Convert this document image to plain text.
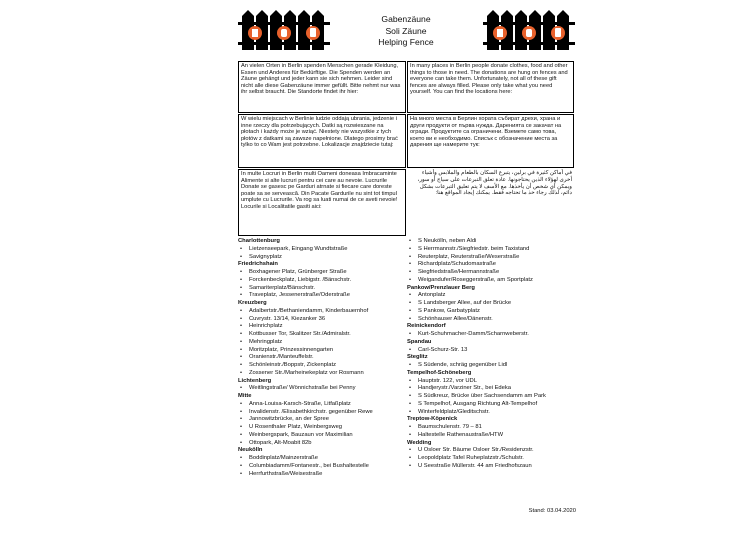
Gabenzäune
Soli Zäune
Helping Fence
An vielen Orten in Berlin spenden Menschen gerade Kleidung, Essen und Anderes für Bedürftige. Die Spenden werden an Zäune gehängt und jeder kann sie sich nehmen. Leider sind nicht alle diese Gabenzäune immer gefüllt. Bitte nehmt nur was ihr selbst braucht. Die Standorte findet ihr hier:
In many places in Berlin people donate clothes, food and other things to those in need. The donations are hung on fences and everyone can take them. Unfortunately, not all of these gift fences are always filled. Please only take what you need yourself. You can find the locations here:
W wielu miejscach w Berlinie ludzie oddają ubrania, jedzenie i inne rzeczy dla potrzebujących. Datki są rozwieszane na płotach i każdy może je wziąć. Niestety nie wszystkie z tych płotów z datkami są zawsze napełnione. Dlatego prosimy brać tylko to co Wam jest potrzebne. Lokalizacje znajdziecie tutaj:
На много места в Берлин хората събират дрехи, храна и други продукти от първа нужда. Даренията се закачат на огради. Продуктите са ограничени. Вземете само това, което ви е необходимо. Списък с обозначение места за дарения ще намерите тук:
In multe Locruri in Berlin multi Oameni doneasa Imbracaminte Alimente si alte lucruri pentru cei care au nevoie. Lucrurile Donate se gasesc pe Garduri atrnate si fiecare care doreste poate sa se servească. Din Pacate Gardurile nu sint tot timpul umplute cu Lucrurile. Va rog sa luati numai de ce aveti nevoie! Locurile si Localitatile gasiti aici:
في أماكن كثيرة في برلين، يتبرع السكان بالطعام والملابس وأشياء أخرى لهؤلاء الذين يحتاجونها. عادة تعلق التبرعات على سياج أو سور، ويمكن أي شخص أن يأخذها. مع الأسف لا يتم تعليق التبرعات بشكل دائم، لذلك رجاء خذ ما تحتاجه فقط. يمكنك إيجاد المواقع هنا:
Charlottenburg
• Lietzenseepark, Eingang Wundtstraße
• Savignyplatz
Friedrichshain
• Boxhagener Platz, Grünberger Straße
• Forckenbeckplatz, Liebigstr. /Bänschstr.
• Samariterplatz/Bänschstr.
• Traveplatz, Jessenerstraße/Oderstraße
Kreuzberg
• Adalbertstr./Bethaniendamm, Kinderbauernhof
• Cuvrystr. 13/14, Kiezanker 36
• Heinrichplatz
• Kottbusser Tor, Skalitzer Str./Admiralstr.
• Mehringplatz
• Moritzplatz, Prinzessinnengarten
• Oranienstr./Manteuffelstr.
• Schönleinstr./Boppstr, Zickenplatz
• Zossener Str./Marheinekeplatz vor Rosmann
Lichtenberg
• Weitlingstraße/ Wönnichstraße bei Penny
Mitte
• Anna-Louisa-Karsch-Straße, Litfaßplatz
• Invalidenstr. /Elisabethkirchstr. gegenüber Rewe
• Jannowitzbrücke, an der Spree
• U Rosenthaler Platz, Weinbergsweg
• Weinbergspark, Bauzaun vor Maximilian
• Ottopark, Alt-Moabit 82b
Neukölln
• Boddinplatz/Mainzerstraße
• Columbiadamm/Fontanestr., bei Bushaltestelle
• Herrfurthstraße/Weisestraße
• S Neukölln, neben Aldi
• S Herrmannstr./Siegfriedstr. beim Taxistand
• Reuterplatz, Reuterstraße/Weserstraße
• Richardplatz/Schudomastraße
• Siegfriedstraße/Hermannstraße
• Weigandufer/Roseggerstraße, am Sportplatz
Pankow/Prenzlauer Berg
• Antonplatz
• S Landsberger Allee, auf der Brücke
• S Pankow, Garbatyplatz
• Schönhauser Allee/Dänenstr.
Reinickendorf
• Kurt-Schuhmacher-Damm/Scharnweberstr.
Spandau
• Carl-Schurz-Str. 13
Steglitz
• S Südende, schräg gegenüber Lidl
Tempelhof-Schöneberg
• Hauptstr. 122, vor UDL
• Handjerystr./Varziner Str., bei Edeka
• S Südkreuz, Brücke über Sachsendamm am Park
• S Tempelhof, Ausgang Richtung Alt-Tempelhof
• Winterfeldplatz/Gleditschstr.
Treptow-Köpenick
• Baumschulenstr. 79 – 81
• Haltestelle Rathenaustraße/HTW
Wedding
• U Osloer Str. Bäume Osloer Str./Residenzstr.
• Leopoldplatz Tafel Ruheplatzstr./Schulstr.
• U Seestraße Müllerstr. 44 am Friedhofszaun
Stand: 03.04.2020
